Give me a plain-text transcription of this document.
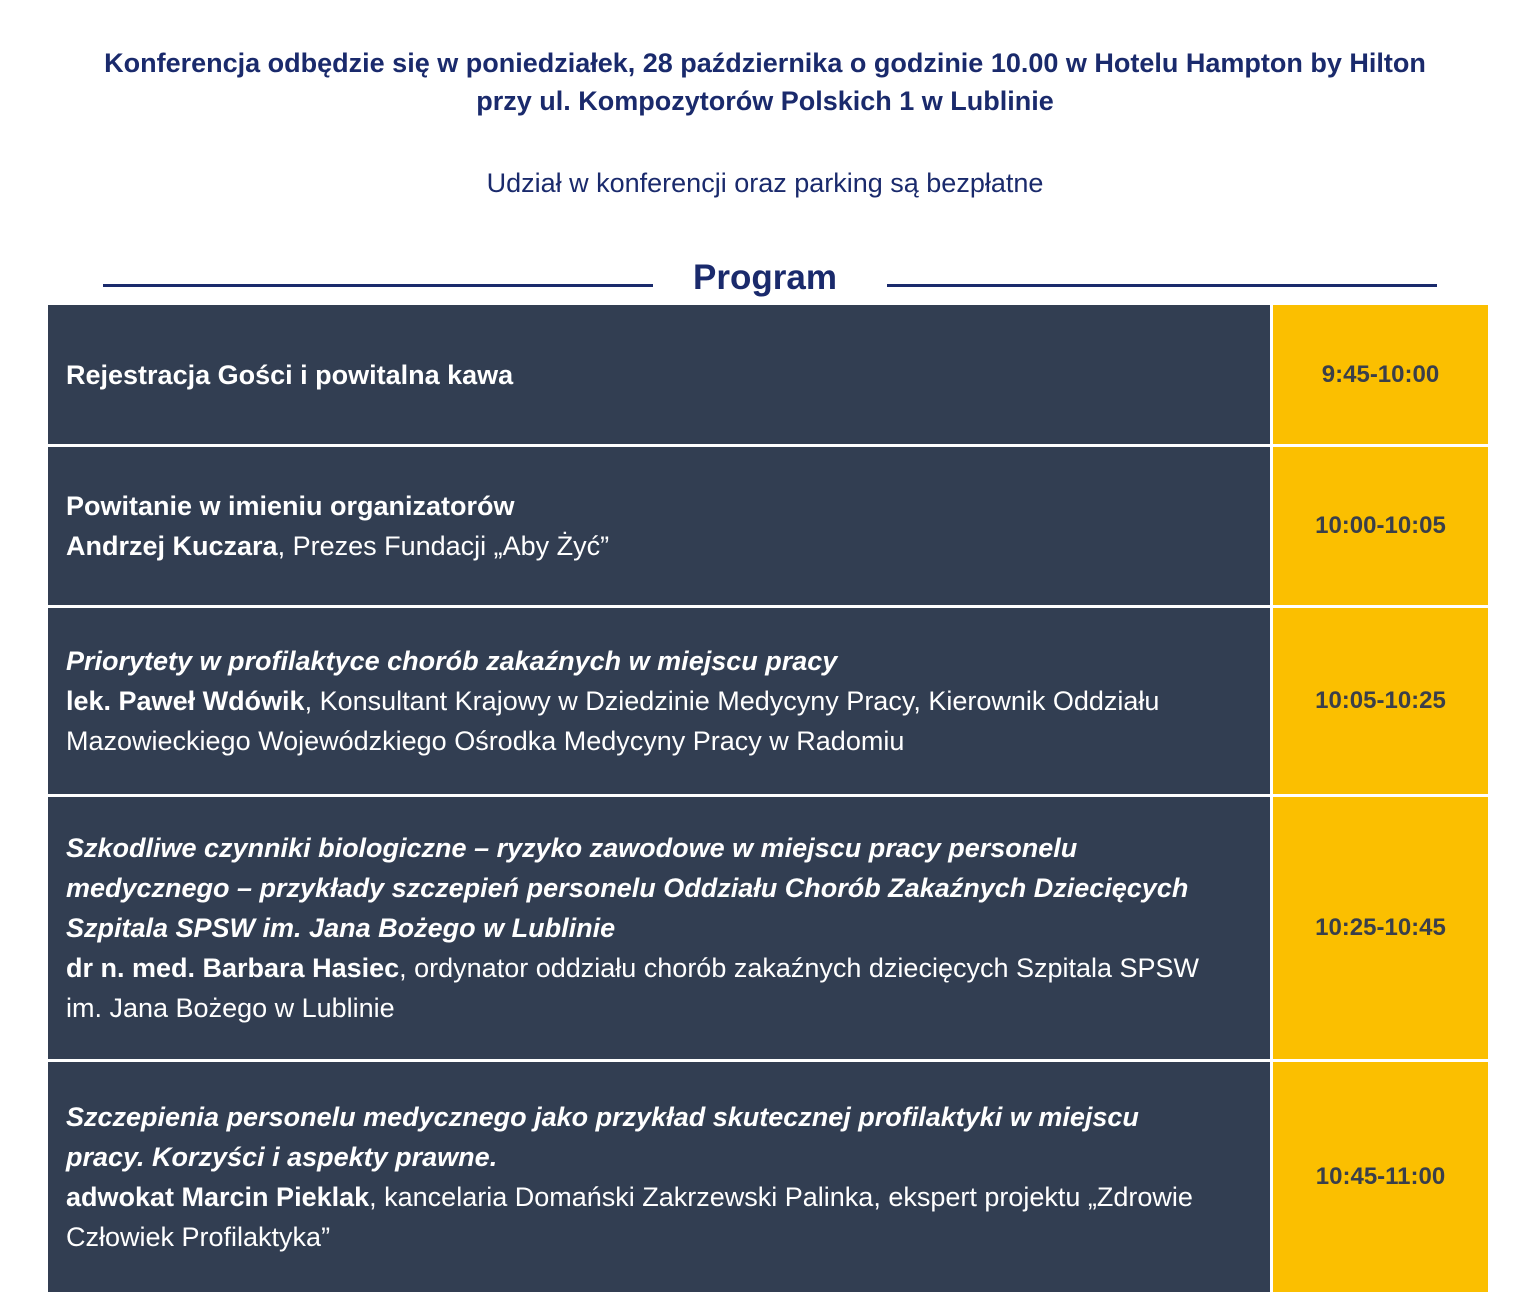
Konferencja odbędzie się w poniedziałek, 28 października o godzinie 10.00 w Hotelu Hampton by Hilton
przy ul. Kompozytorów Polskich 1 w Lublinie
Udział w konferencji oraz parking są bezpłatne
Program
Rejestracja Gości i powitalna kawa	9:45-10:00
Powitanie w imieniu organizatorów
Andrzej Kuczara, Prezes Fundacji „Aby Żyć”
10:00-10:05
Priorytety w profilaktyce chorób zakaźnych w miejscu pracy
lek. Paweł Wdówik, Konsultant Krajowy w Dziedzinie Medycyny Pracy, Kierownik Oddziału
Mazowieckiego Wojewódzkiego Ośrodka Medycyny Pracy w Radomiu
10:05-10:25
Szkodliwe czynniki biologiczne – ryzyko zawodowe w miejscu pracy personelu
medycznego – przykłady szczepień personelu Oddziału Chorób Zakaźnych Dziecięcych
Szpitala SPSW im. Jana Bożego w Lublinie
dr n. med. Barbara Hasiec, ordynator oddziału chorób zakaźnych dziecięcych Szpitala SPSW
im. Jana Bożego w Lublinie
10:25-10:45
Szczepienia personelu medycznego jako przykład skutecznej profilaktyki w miejscu
pracy. Korzyści i aspekty prawne.
adwokat Marcin Pieklak, kancelaria Domański Zakrzewski Palinka, ekspert projektu „Zdrowie
Człowiek Profilaktyka”
10:45-11:00
